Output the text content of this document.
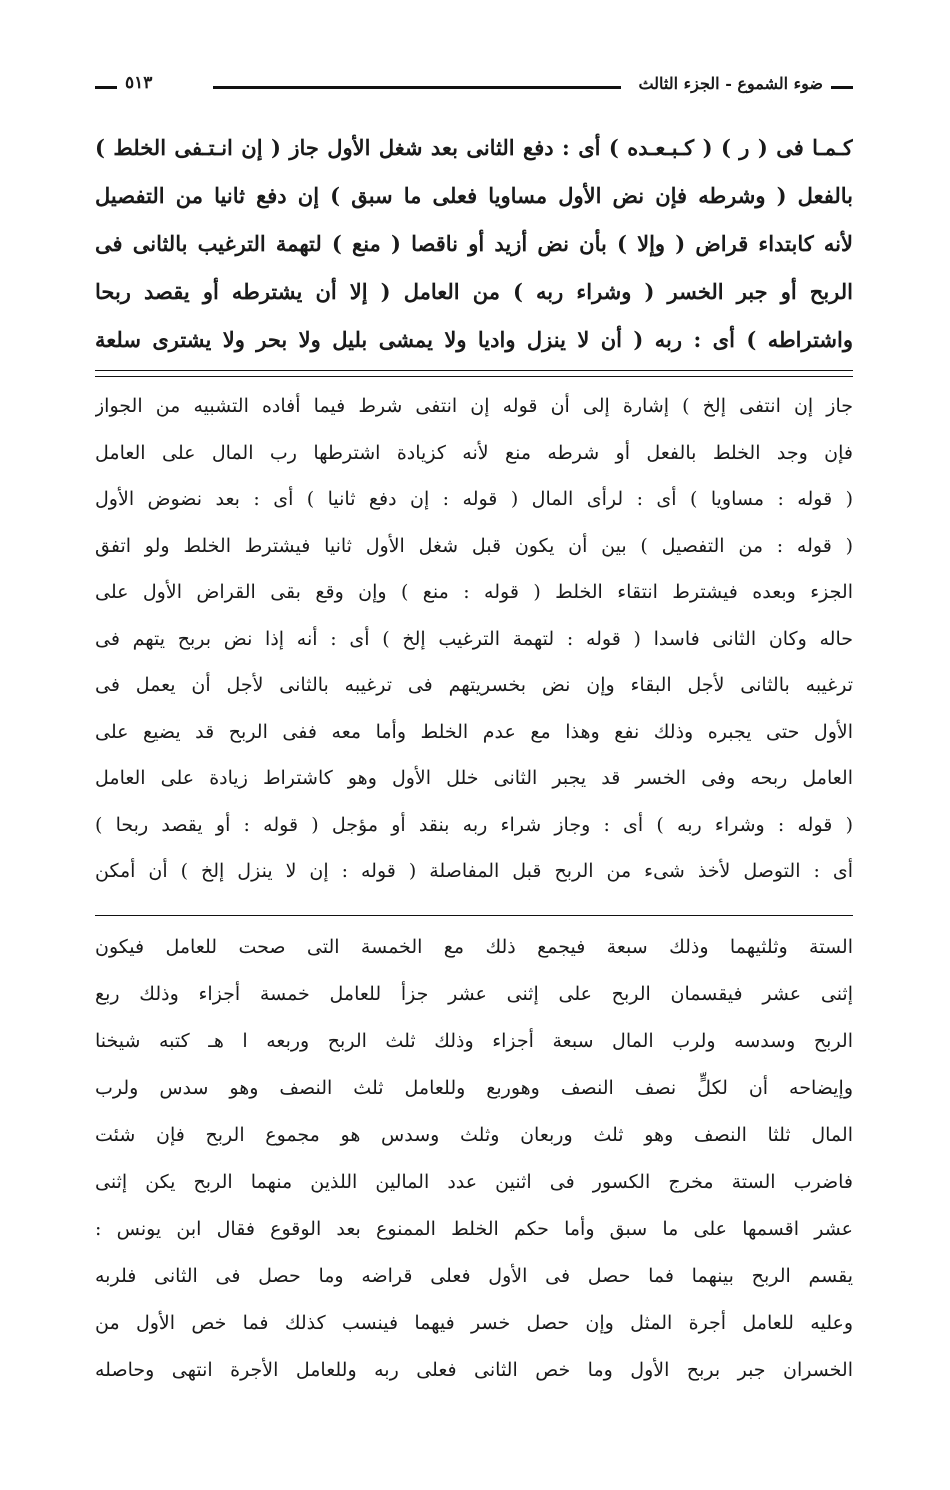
ضوء الشموع - الجزء الثالث
٥١٣
كـمـا فى ( ر ) ( كـبـعـده ) أى : دفع الثانى بعد شغل الأول جاز ( إن انـتـفى الخلط )
بالفعل ( وشرطه فإن نض الأول مساويا فعلى ما سبق ) إن دفع ثانيا من التفصيل
لأنه كابتداء قراض ( وإلا ) بأن نض أزيد أو ناقصا ( منع ) لتهمة الترغيب بالثانى فى
الربح أو جبر الخسر ( وشراء ربه ) من العامل ( إلا أن يشترطه أو يقصد ربحا
واشتراطه ) أى : ربه ( أن لا ينزل واديا ولا يمشى بليل ولا بحر ولا يشترى سلعة
جاز إن انتفى إلخ ) إشارة إلى أن قوله إن انتفى شرط فيما أفاده التشبيه من الجواز
فإن وجد الخلط بالفعل أو شرطه منع لأنه كزيادة اشترطها رب المال على العامل
( قوله : مساويا ) أى : لرأى المال ( قوله : إن دفع ثانيا ) أى : بعد نضوض الأول
( قوله : من التفصيل ) بين أن يكون قبل شغل الأول ثانيا فيشترط الخلط ولو اتفق
الجزء وبعده فيشترط انتقاء الخلط ( قوله : منع ) وإن وقع بقى القراض الأول على
حاله وكان الثانى فاسدا ( قوله : لتهمة الترغيب إلخ ) أى : أنه إذا نض بربح يتهم فى
ترغيبه بالثانى لأجل البقاء وإن نض بخسريتهم فى ترغيبه بالثانى لأجل أن يعمل فى
الأول حتى يجبره وذلك نفع وهذا مع عدم الخلط وأما معه ففى الربح قد يضيع على
العامل ربحه وفى الخسر قد يجبر الثانى خلل الأول وهو كاشتراط زيادة على العامل
( قوله : وشراء ربه ) أى : وجاز شراء ربه بنقد أو مؤجل ( قوله : أو يقصد ربحا )
أى : التوصل لأخذ شىء من الربح قبل المفاصلة ( قوله : إن لا ينزل إلخ ) أن أمكن
الستة وثلثيهما وذلك سبعة فيجمع ذلك مع الخمسة التى صحت للعامل فيكون
إثنى عشر فيقسمان الربح على إثنى عشر جزأ للعامل خمسة أجزاء وذلك ربع
الربح وسدسه ولرب المال سبعة أجزاء وذلك ثلث الربح وربعه ا هـ كتبه شيخنا
وإيضاحه أن لكلٍّ نصف النصف وهوربع وللعامل ثلث النصف وهو سدس ولرب
المال ثلثا النصف وهو ثلث وربعان وثلث وسدس هو مجموع الربح فإن شئت
فاضرب الستة مخرج الكسور فى اثنين عدد المالين اللذين منهما الربح يكن إثنى
عشر اقسمها على ما سبق وأما حكم الخلط الممنوع بعد الوقوع فقال ابن يونس :
يقسم الربح بينهما فما حصل فى الأول فعلى قراضه وما حصل فى الثانى فلربه
وعليه للعامل أجرة المثل وإن حصل خسر فيهما فينسب كذلك فما خص الأول من
الخسران جبر بربح الأول وما خص الثانى فعلى ربه وللعامل الأجرة انتهى وحاصله
